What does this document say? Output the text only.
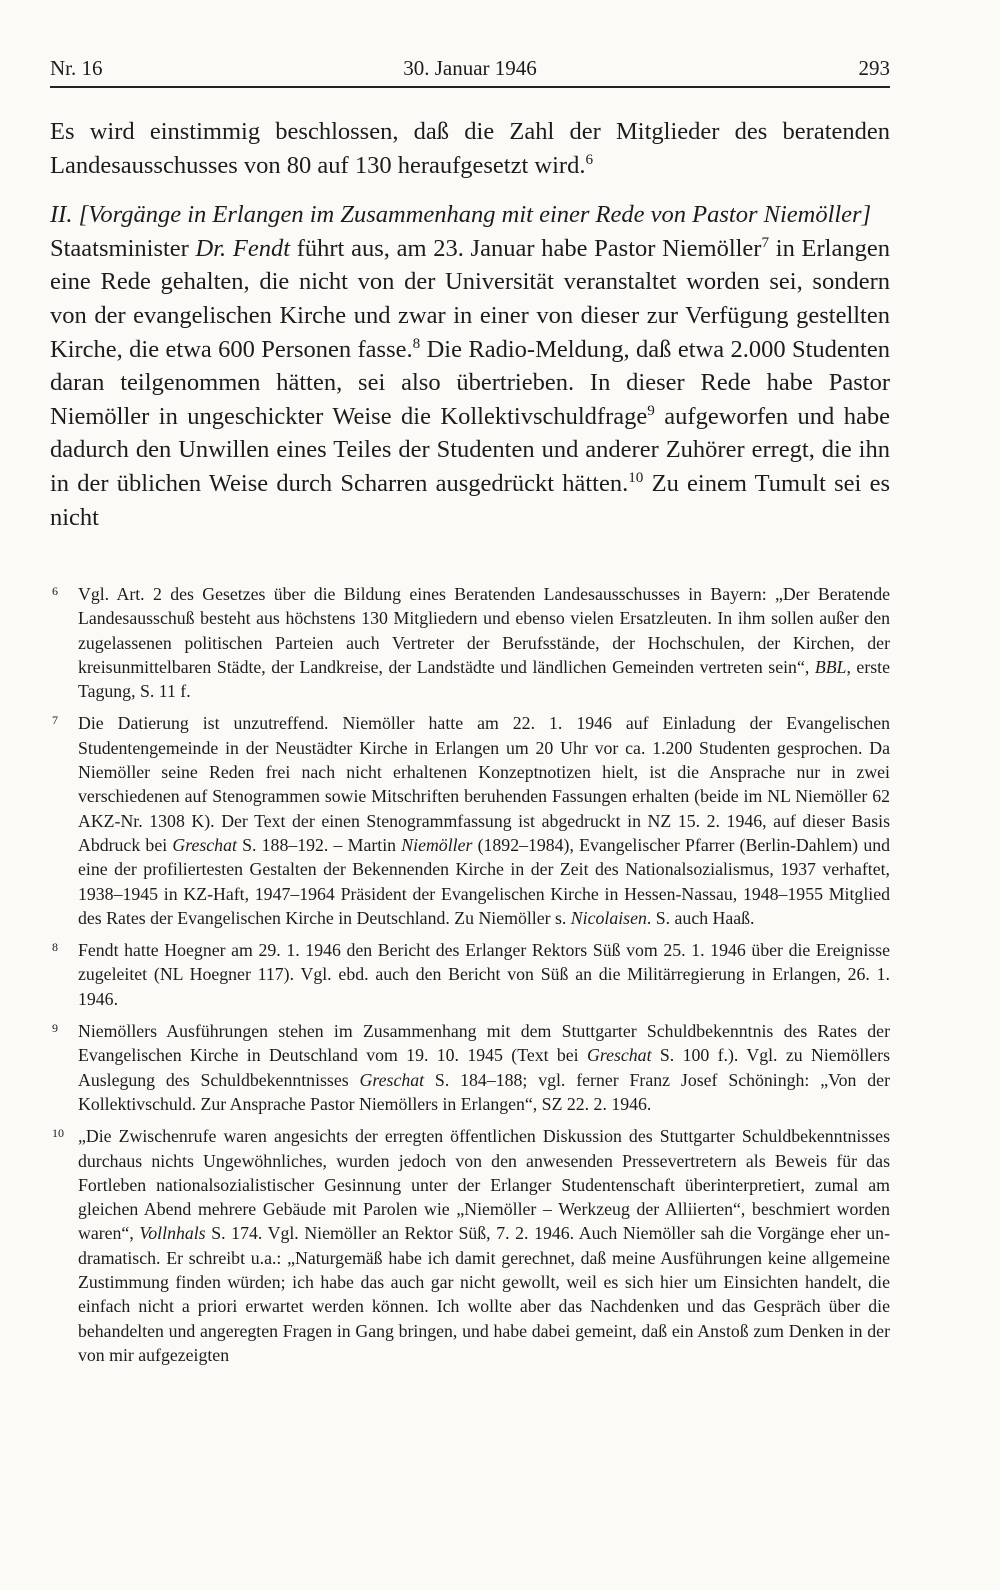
Nr. 16	30. Januar 1946	293

Es wird einstimmig beschlossen, daß die Zahl der Mitglieder des beratenden Landesausschusses von 80 auf 130 heraufgesetzt wird.$^6$

II. [Vorgänge in Erlangen im Zusammenhang mit einer Rede von Pastor Niemöller]

Staatsminister Dr. Fendt führt aus, am 23. Januar habe Pastor Niemöller$^7$ in Erlangen eine Rede gehalten, die nicht von der Universität veranstaltet worden sei, sondern von der evangelischen Kirche und zwar in einer von dieser zur Verfügung gestellten Kirche, die etwa 600 Personen fasse.$^8$ Die Radio-Meldung, daß etwa 2.000 Studenten daran teilgenommen hätten, sei also übertrieben. In dieser Rede habe Pastor Niemöller in ungeschickter Weise die Kollektivschuldfrage$^9$ aufgeworfen und habe dadurch den Unwillen eines Teiles der Studenten und anderer Zuhörer erregt, die ihn in der üblichen Weise durch Scharren ausgedrückt hätten.$^{10}$ Zu einem Tumult sei es nicht

6 Vgl. Art. 2 des Gesetzes über die Bildung eines Beratenden Landesausschusses in Bayern: „Der Beratende Landesausschuß besteht aus höchstens 130 Mitgliedern und ebenso vielen Ersatzleuten. In ihm sollen außer den zugelassenen politischen Parteien auch Vertreter der Berufsstände, der Hochschulen, der Kirchen, der kreisunmittelbaren Städte, der Landkreise, der Landstädte und ländlichen Gemeinden vertreten sein“, BBL, erste Tagung, S. 11 f.
7 Die Datierung ist unzutreffend. Niemöller hatte am 22. 1. 1946 auf Einladung der Evangelischen Studentengemeinde in der Neustädter Kirche in Erlangen um 20 Uhr vor ca. 1.200 Studenten gesprochen. Da Niemöller seine Reden frei nach nicht erhaltenen Konzeptnotizen hielt, ist die Ansprache nur in zwei verschiedenen auf Stenogrammen sowie Mitschriften beruhenden Fassungen erhalten (beide im NL Niemöller 62 AKZ-Nr. 1308 K). Der Text der einen Stenogrammfassung ist abgedruckt in NZ 15. 2. 1946, auf dieser Basis Abdruck bei Greschat S. 188–192. – Martin Niemöller (1892–1984), Evangelischer Pfarrer (Berlin-Dahlem) und eine der profiliertesten Gestalten der Bekennenden Kirche in der Zeit des Nationalsozialismus, 1937 verhaftet, 1938–1945 in KZ-Haft, 1947–1964 Präsident der Evangelischen Kirche in Hessen-Nassau, 1948–1955 Mitglied des Rates der Evangelischen Kirche in Deutschland. Zu Niemöller s. Nicolaisen. S. auch Haaß.
8 Fendt hatte Hoegner am 29. 1. 1946 den Bericht des Erlanger Rektors Süß vom 25. 1. 1946 über die Ereignisse zugeleitet (NL Hoegner 117). Vgl. ebd. auch den Bericht von Süß an die Militärregierung in Erlangen, 26. 1. 1946.
9 Niemöllers Ausführungen stehen im Zusammenhang mit dem Stuttgarter Schuldbekenntnis des Rates der Evangelischen Kirche in Deutschland vom 19. 10. 1945 (Text bei Greschat S. 100 f.). Vgl. zu Niemöllers Auslegung des Schuldbekenntnisses Greschat S. 184–188; vgl. ferner Franz Josef Schöningh: „Von der Kollektivschuld. Zur Ansprache Pastor Niemöllers in Erlangen“, SZ 22. 2. 1946.
10 „Die Zwischenrufe waren angesichts der erregten öffentlichen Diskussion des Stuttgarter Schuldbekenntnisses durchaus nichts Ungewöhnliches, wurden jedoch von den anwesenden Pressevertretern als Beweis für das Fortleben nationalsozialistischer Gesinnung unter der Erlanger Studentenschaft überinterpretiert, zumal am gleichen Abend mehrere Gebäude mit Parolen wie „Niemöller – Werkzeug der Alliierten“, beschmiert worden waren“, Vollnhals S. 174. Vgl. Niemöller an Rektor Süß, 7. 2. 1946. Auch Niemöller sah die Vorgänge eher undramatisch. Er schreibt u.a.: „Naturgemäß habe ich damit gerechnet, daß meine Ausführungen keine allgemeine Zustimmung finden würden; ich habe das auch gar nicht gewollt, weil es sich hier um Einsichten handelt, die einfach nicht a priori erwartet werden können. Ich wollte aber das Nachdenken und das Gespräch über die behandelten und angeregten Fragen in Gang bringen, und habe dabei gemeint, daß ein Anstoß zum Denken in der von mir aufgezeigten
